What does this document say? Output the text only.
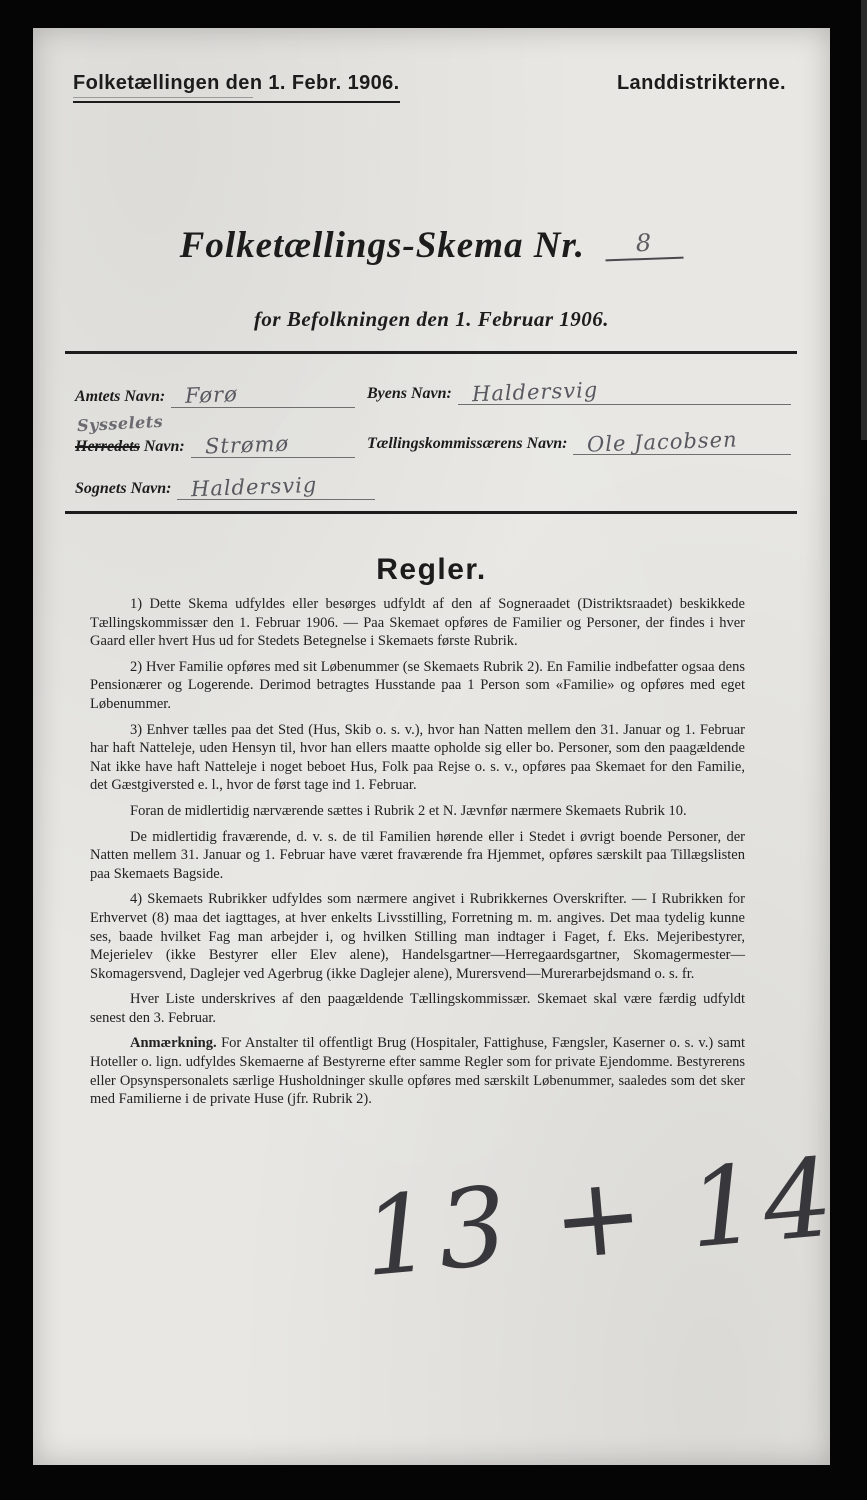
Folketællingen den 1. Febr. 1906.	Landdistrikterne.
Folketællings-Skema Nr. 8
for Befolkningen den 1. Februar 1906.
Amtets Navn: Førø	Byens Navn: Haldersvig
Sysselets
Herredets Navn: Strømø	Tællingskommissærens Navn: Ole Jacobsen
Sognets Navn: Haldersvig
Regler.

1) Dette Skema udfyldes eller besørges udfyldt af den af Sogneraadet (Distriktsraadet) beskikkede Tællingskommissær den 1. Februar 1906. — Paa Skemaet opføres de Familier og Personer, der findes i hver Gaard eller hvert Hus ud for Stedets Betegnelse i Skemaets første Rubrik.

2) Hver Familie opføres med sit Løbenummer (se Skemaets Rubrik 2). En Familie indbefatter ogsaa dens Pensionærer og Logerende. Derimod betragtes Husstande paa 1 Person som «Familie» og opføres med eget Løbenummer.

3) Enhver tælles paa det Sted (Hus, Skib o. s. v.), hvor han Natten mellem den 31. Januar og 1. Februar har haft Natteleje, uden Hensyn til, hvor han ellers maatte opholde sig eller bo. Personer, som den paagældende Nat ikke have haft Natteleje i noget beboet Hus, Folk paa Rejse o. s. v., opføres paa Skemaet for den Familie, det Gæstgiversted e. l., hvor de først tage ind 1. Februar.

Foran de midlertidig nærværende sættes i Rubrik 2 et N. Jævnfør nærmere Skemaets Rubrik 10.

De midlertidig fraværende, d. v. s. de til Familien hørende eller i Stedet i øvrigt boende Personer, der Natten mellem 31. Januar og 1. Februar have været fraværende fra Hjemmet, opføres særskilt paa Tillægslisten paa Skemaets Bagside.

4) Skemaets Rubrikker udfyldes som nærmere angivet i Rubrikkernes Overskrifter. — I Rubrikken for Erhvervet (8) maa det iagttages, at hver enkelts Livsstilling, Forretning m. m. angives. Det maa tydelig kunne ses, baade hvilket Fag man arbejder i, og hvilken Stilling man indtager i Faget, f. Eks. Mejeribestyrer, Mejerielev (ikke Bestyrer eller Elev alene), Handelsgartner—Herregaardsgartner, Skomagermester—Skomagersvend, Daglejer ved Agerbrug (ikke Daglejer alene), Murersvend—Murerarbejdsmand o. s. fr.

Hver Liste underskrives af den paagældende Tællingskommissær. Skemaet skal være færdig udfyldt senest den 3. Februar.

Anmærkning. For Anstalter til offentligt Brug (Hospitaler, Fattighuse, Fængsler, Kaserner o. s. v.) samt Hoteller o. lign. udfyldes Skemaerne af Bestyrerne efter samme Regler som for private Ejendomme. Bestyrerens eller Opsynspersonalets særlige Husholdninger skulle opføres med særskilt Løbenummer, saaledes som det sker med Familierne i de private Huse (jfr. Rubrik 2).

13 + 14
